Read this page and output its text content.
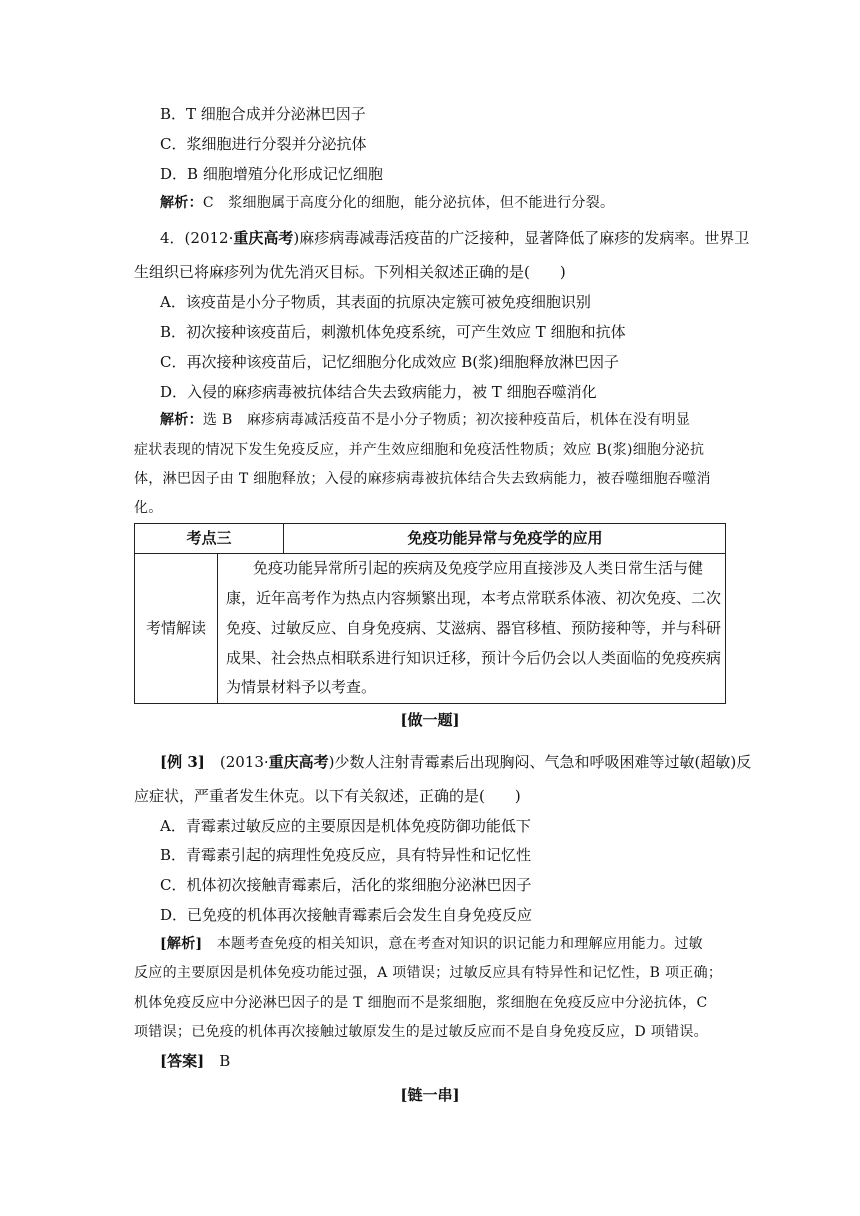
B．T 细胞合成并分泌淋巴因子
C．浆细胞进行分裂并分泌抗体
D．B 细胞增殖分化形成记忆细胞
解析：C　浆细胞属于高度分化的细胞，能分泌抗体，但不能进行分裂。
4．(2012·重庆高考)麻疹病毒减毒活疫苗的广泛接种，显著降低了麻疹的发病率。世界卫
生组织已将麻疹列为优先消灭目标。下列相关叙述正确的是(　　)
A．该疫苗是小分子物质，其表面的抗原决定簇可被免疫细胞识别
B．初次接种该疫苗后，刺激机体免疫系统，可产生效应 T 细胞和抗体
C．再次接种该疫苗后，记忆细胞分化成效应 B(浆)细胞释放淋巴因子
D．入侵的麻疹病毒被抗体结合失去致病能力，被 T 细胞吞噬消化
解析：选 B　麻疹病毒减活疫苗不是小分子物质；初次接种疫苗后，机体在没有明显
症状表现的情况下发生免疫反应，并产生效应细胞和免疫活性物质；效应 B(浆)细胞分泌抗
体，淋巴因子由 T 细胞释放；入侵的麻疹病毒被抗体结合失去致病能力，被吞噬细胞吞噬消
化。
考点三	免疫功能异常与免疫学的应用
考情解读
免疫功能异常所引起的疾病及免疫学应用直接涉及人类日常生活与健
康，近年高考作为热点内容频繁出现，本考点常联系体液、初次免疫、二次
免疫、过敏反应、自身免疫病、艾滋病、器官移植、预防接种等，并与科研
成果、社会热点相联系进行知识迁移，预计今后仍会以人类面临的免疫疾病
为情景材料予以考查。
[做一题]
[例 3]　(2013·重庆高考)少数人注射青霉素后出现胸闷、气急和呼吸困难等过敏(超敏)反
应症状，严重者发生休克。以下有关叙述，正确的是(　　)
A．青霉素过敏反应的主要原因是机体免疫防御功能低下
B．青霉素引起的病理性免疫反应，具有特异性和记忆性
C．机体初次接触青霉素后，活化的浆细胞分泌淋巴因子
D．已免疫的机体再次接触青霉素后会发生自身免疫反应
[解析]　本题考查免疫的相关知识，意在考查对知识的识记能力和理解应用能力。过敏
反应的主要原因是机体免疫功能过强，A 项错误；过敏反应具有特异性和记忆性，B 项正确；
机体免疫反应中分泌淋巴因子的是 T 细胞而不是浆细胞，浆细胞在免疫反应中分泌抗体，C
项错误；已免疫的机体再次接触过敏原发生的是过敏反应而不是自身免疫反应，D 项错误。
[答案]　B
[链一串]
